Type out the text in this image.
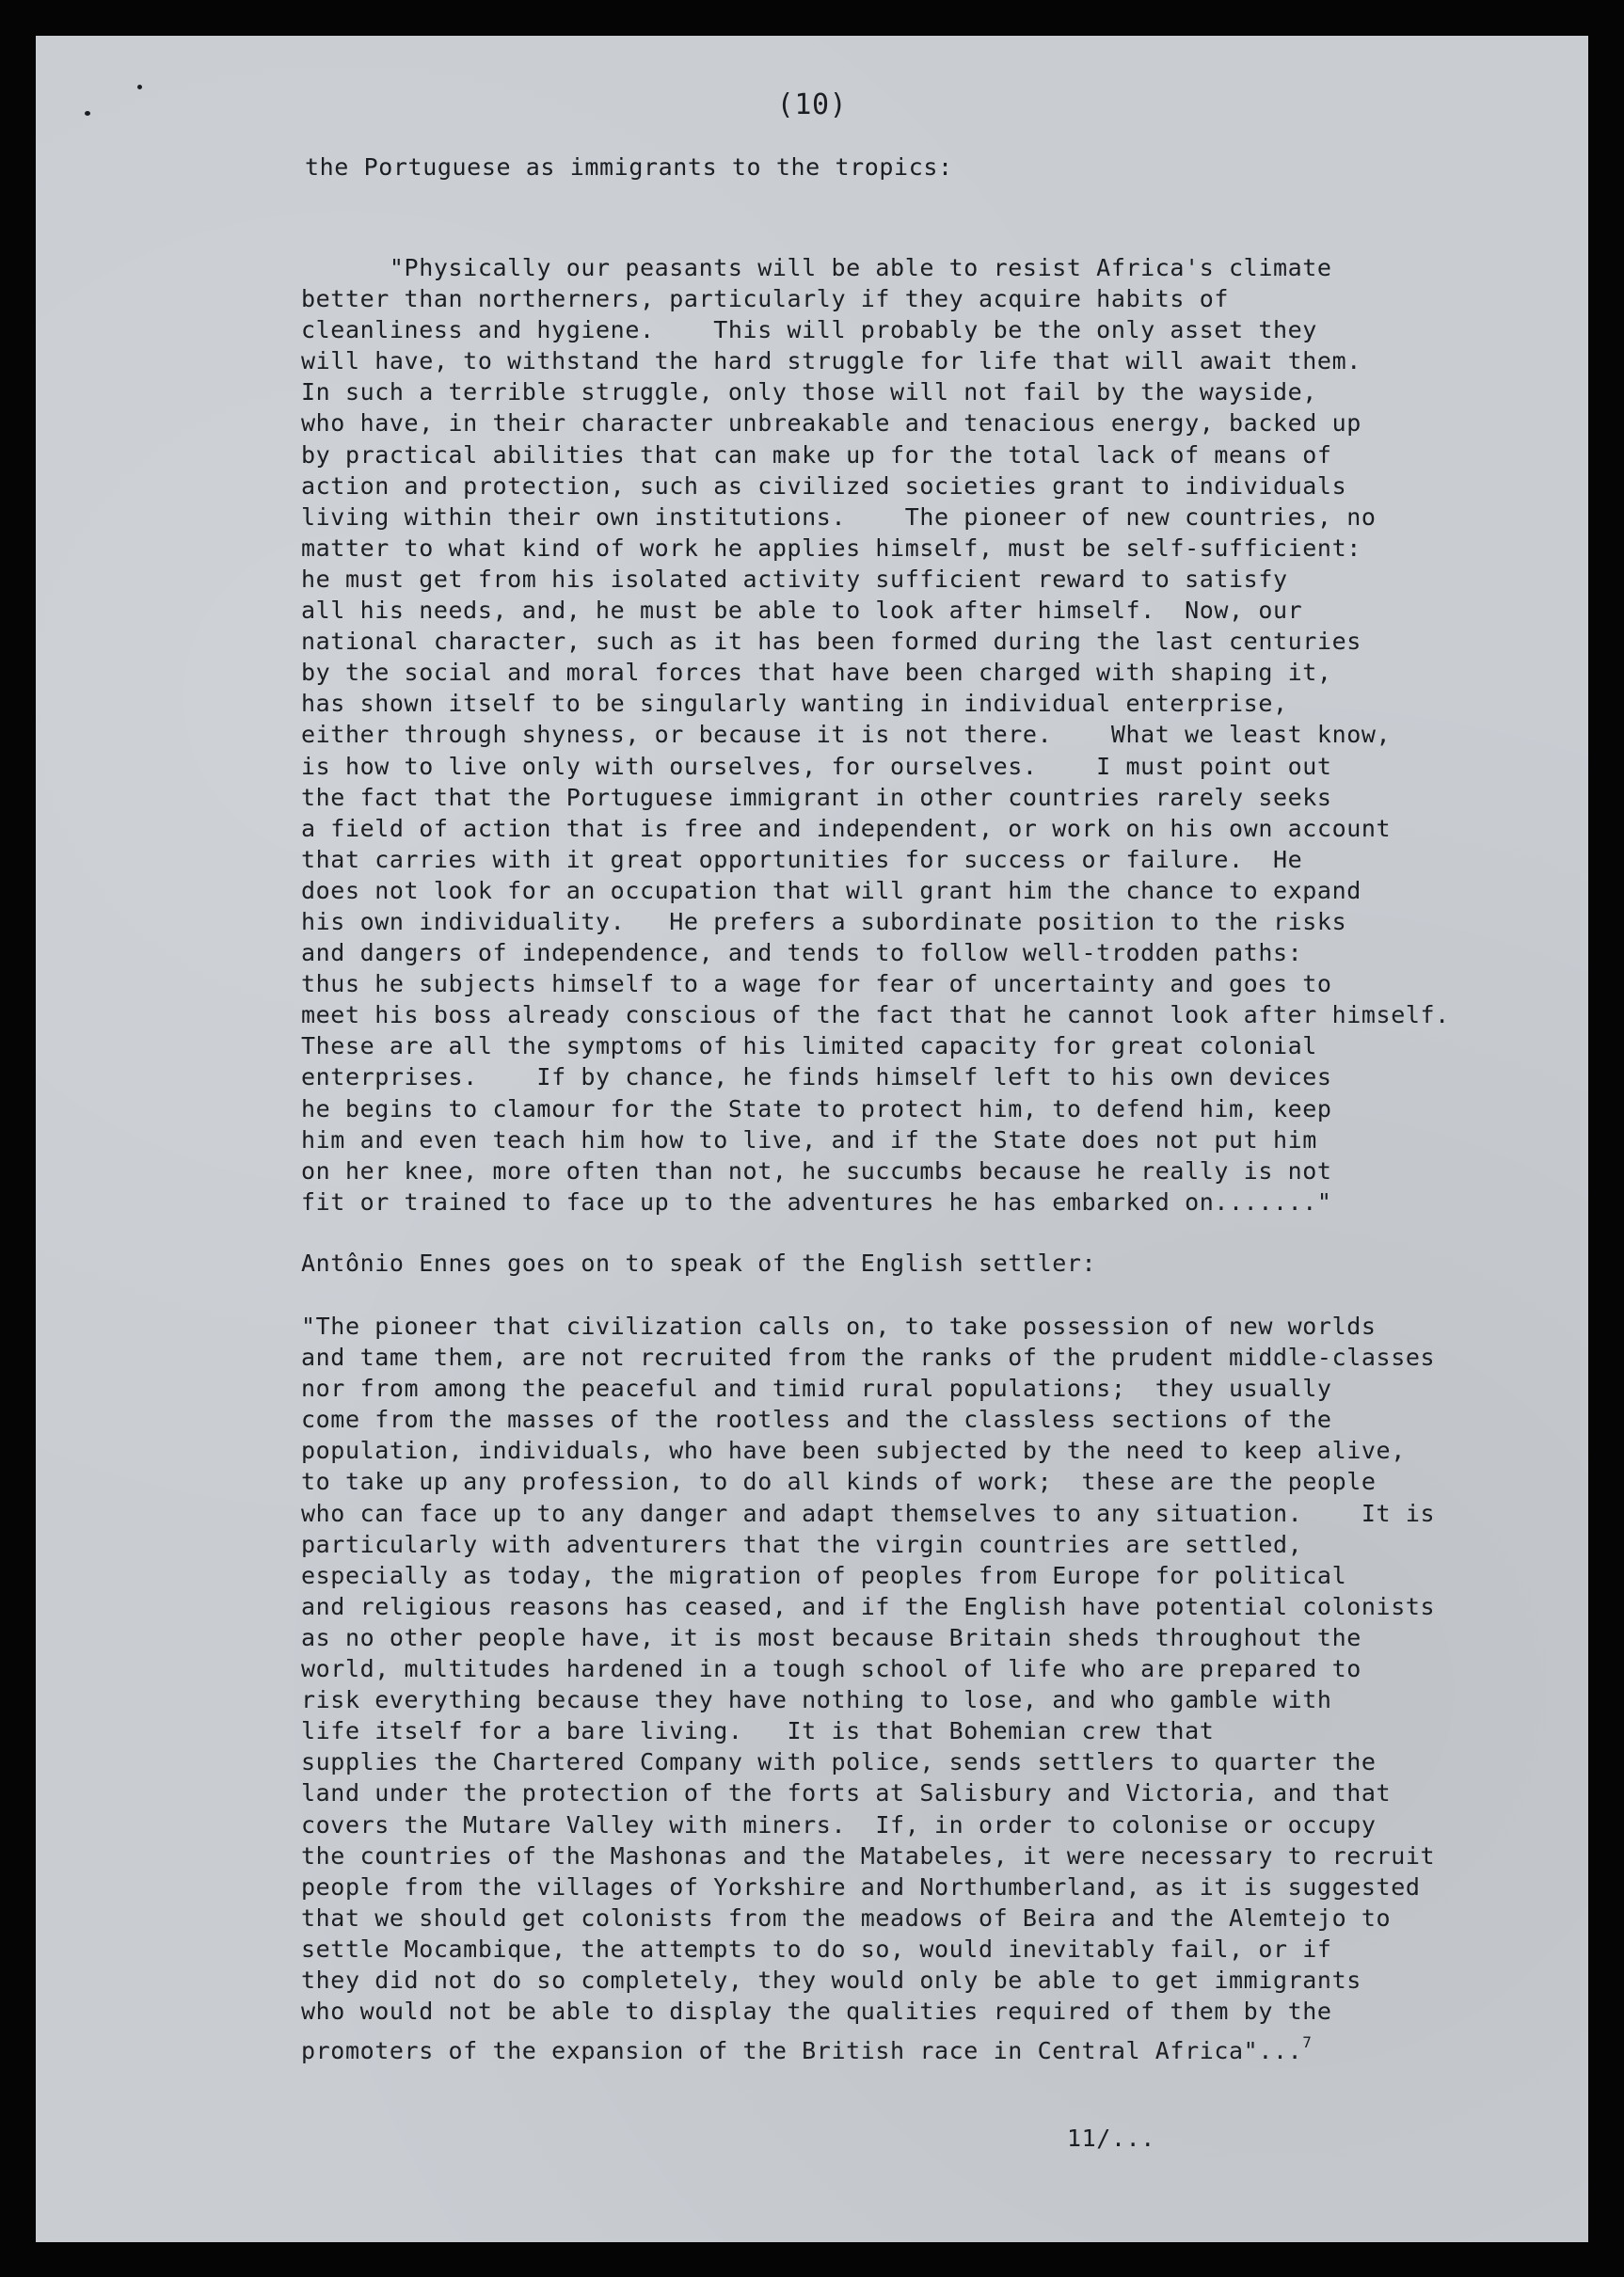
(10)
the Portuguese as immigrants to the tropics:
"Physically our peasants will be able to resist Africa's climate
better than northerners, particularly if they acquire habits of
cleanliness and hygiene.    This will probably be the only asset they
will have, to withstand the hard struggle for life that will await them.
In such a terrible struggle, only those will not fail by the wayside,
who have, in their character unbreakable and tenacious energy, backed up
by practical abilities that can make up for the total lack of means of
action and protection, such as civilized societies grant to individuals
living within their own institutions.    The pioneer of new countries, no
matter to what kind of work he applies himself, must be self-sufficient:
he must get from his isolated activity sufficient reward to satisfy
all his needs, and, he must be able to look after himself.  Now, our
national character, such as it has been formed during the last centuries
by the social and moral forces that have been charged with shaping it,
has shown itself to be singularly wanting in individual enterprise,
either through shyness, or because it is not there.    What we least know,
is how to live only with ourselves, for ourselves.    I must point out
the fact that the Portuguese immigrant in other countries rarely seeks
a field of action that is free and independent, or work on his own account
that carries with it great opportunities for success or failure.  He
does not look for an occupation that will grant him the chance to expand
his own individuality.   He prefers a subordinate position to the risks
and dangers of independence, and tends to follow well-trodden paths:
thus he subjects himself to a wage for fear of uncertainty and goes to
meet his boss already conscious of the fact that he cannot look after himself.
These are all the symptoms of his limited capacity for great colonial
enterprises.    If by chance, he finds himself left to his own devices
he begins to clamour for the State to protect him, to defend him, keep
him and even teach him how to live, and if the State does not put him
on her knee, more often than not, he succumbs because he really is not
fit or trained to face up to the adventures he has embarked on......."
Antônio Ennes goes on to speak of the English settler:
"The pioneer that civilization calls on, to take possession of new worlds
and tame them, are not recruited from the ranks of the prudent middle-classes
nor from among the peaceful and timid rural populations;  they usually
come from the masses of the rootless and the classless sections of the
population, individuals, who have been subjected by the need to keep alive,
to take up any profession, to do all kinds of work;  these are the people
who can face up to any danger and adapt themselves to any situation.    It is
particularly with adventurers that the virgin countries are settled,
especially as today, the migration of peoples from Europe for political
and religious reasons has ceased, and if the English have potential colonists
as no other people have, it is most because Britain sheds throughout the
world, multitudes hardened in a tough school of life who are prepared to
risk everything because they have nothing to lose, and who gamble with
life itself for a bare living.   It is that Bohemian crew that
supplies the Chartered Company with police, sends settlers to quarter the
land under the protection of the forts at Salisbury and Victoria, and that
covers the Mutare Valley with miners.  If, in order to colonise or occupy
the countries of the Mashonas and the Matabeles, it were necessary to recruit
people from the villages of Yorkshire and Northumberland, as it is suggested
that we should get colonists from the meadows of Beira and the Alemtejo to
settle Mocambique, the attempts to do so, would inevitably fail, or if
they did not do so completely, they would only be able to get immigrants
who would not be able to display the qualities required of them by the
promoters of the expansion of the British race in Central Africa"...$^7$
11/...
